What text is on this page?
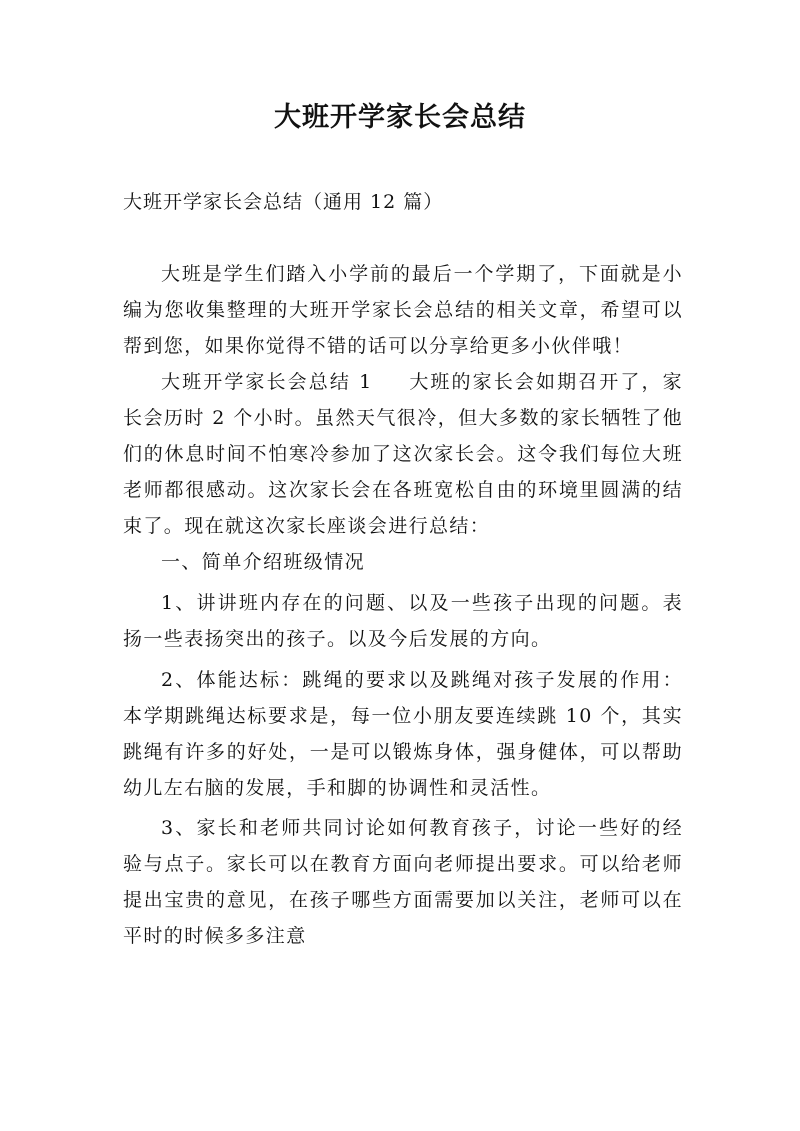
大班开学家长会总结

大班开学家长会总结（通用 12 篇）

大班是学生们踏入小学前的最后一个学期了，下面就是小编为您收集整理的大班开学家长会总结的相关文章，希望可以帮到您，如果你觉得不错的话可以分享给更多小伙伴哦！

大班开学家长会总结 1 大班的家长会如期召开了，家长会历时 2 个小时。虽然天气很冷，但大多数的家长牺牲了他们的休息时间不怕寒冷参加了这次家长会。这令我们每位大班老师都很感动。这次家长会在各班宽松自由的环境里圆满的结束了。现在就这次家长座谈会进行总结：

一、简单介绍班级情况

1、讲讲班内存在的问题、以及一些孩子出现的问题。表扬一些表扬突出的孩子。以及今后发展的方向。

2、体能达标：跳绳的要求以及跳绳对孩子发展的作用：本学期跳绳达标要求是，每一位小朋友要连续跳 10 个，其实跳绳有许多的好处，一是可以锻炼身体，强身健体，可以帮助幼儿左右脑的发展，手和脚的协调性和灵活性。

3、家长和老师共同讨论如何教育孩子，讨论一些好的经验与点子。家长可以在教育方面向老师提出要求。可以给老师提出宝贵的意见，在孩子哪些方面需要加以关注，老师可以在平时的时候多多注意
